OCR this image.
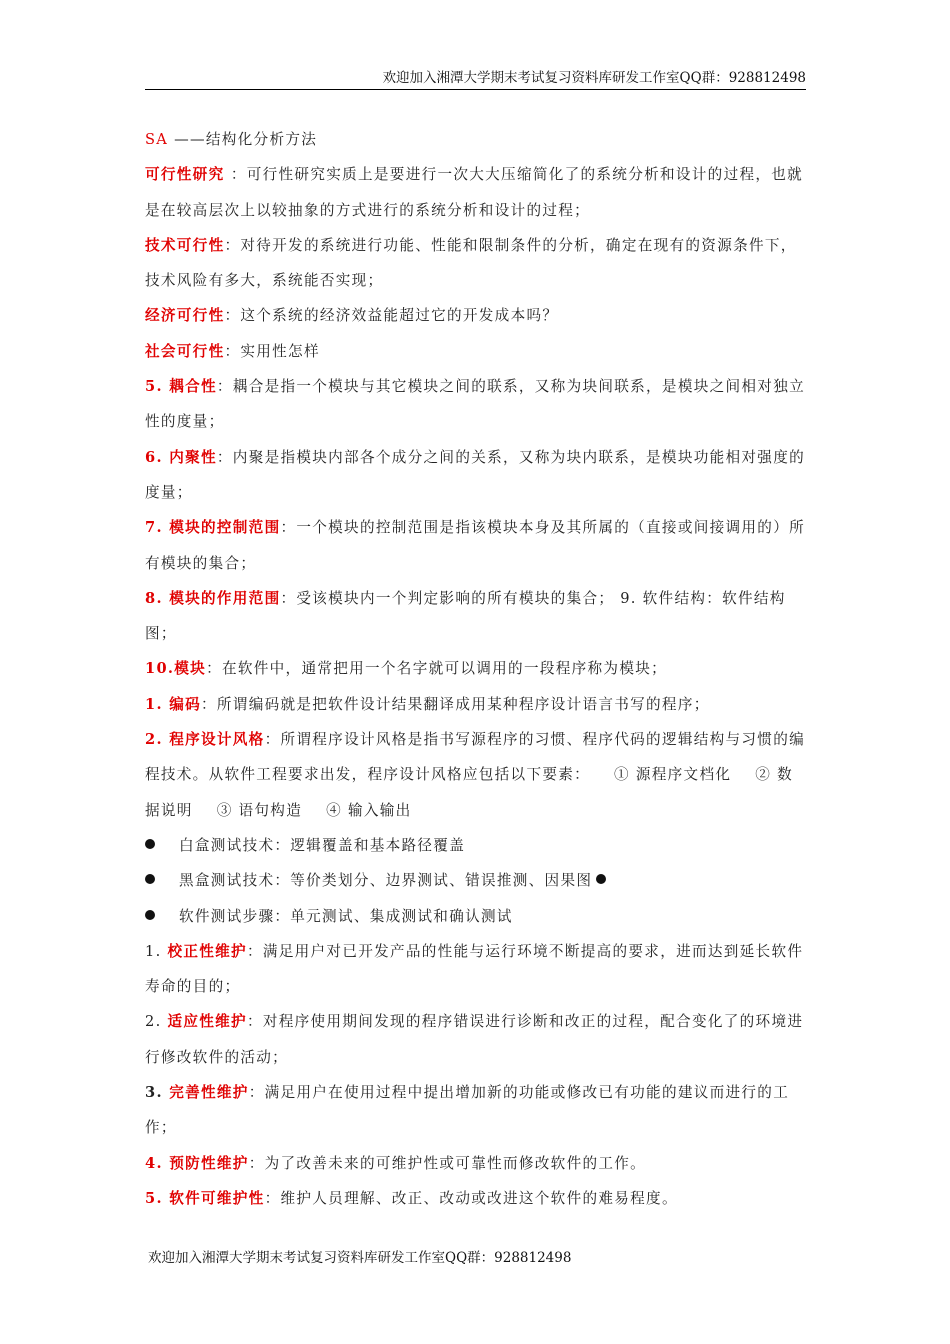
欢迎加入湘潭大学期末考试复习资料库研发工作室QQ群：928812498

SA ——结构化分析方法

可行性研究 ：可行性研究实质上是要进行一次大大压缩简化了的系统分析和设计的过程，也就是在较高层次上以较抽象的方式进行的系统分析和设计的过程；

技术可行性：对待开发的系统进行功能、性能和限制条件的分析，确定在现有的资源条件下，技术风险有多大，系统能否实现；

经济可行性：这个系统的经济效益能超过它的开发成本吗？

社会可行性：实用性怎样

5. 耦合性：耦合是指一个模块与其它模块之间的联系，又称为块间联系，是模块之间相对独立性的度量；

6. 内聚性：内聚是指模块内部各个成分之间的关系，又称为块内联系，是模块功能相对强度的度量；

7. 模块的控制范围：一个模块的控制范围是指该模块本身及其所属的（直接或间接调用的）所有模块的集合；

8. 模块的作用范围：受该模块内一个判定影响的所有模块的集合； 9. 软件结构：软件结构图；

10.模块：在软件中，通常把用一个名字就可以调用的一段程序称为模块；

1. 编码：所谓编码就是把软件设计结果翻译成用某种程序设计语言书写的程序；

2. 程序设计风格：所谓程序设计风格是指书写源程序的习惯、程序代码的逻辑结构与习惯的编程技术。从软件工程要求出发，程序设计风格应包括以下要素： ① 源程序文档化 ② 数据说明 ③ 语句构造 ④ 输入输出

白盒测试技术：逻辑覆盖和基本路径覆盖
黑盒测试技术：等价类划分、边界测试、错误推测、因果图
软件测试步骤：单元测试、集成测试和确认测试

1. 校正性维护：满足用户对已开发产品的性能与运行环境不断提高的要求，进而达到延长软件寿命的目的；

2. 适应性维护：对程序使用期间发现的程序错误进行诊断和改正的过程，配合变化了的环境进行修改软件的活动；

3. 完善性维护：满足用户在使用过程中提出增加新的功能或修改已有功能的建议而进行的工作；

4. 预防性维护：为了改善未来的可维护性或可靠性而修改软件的工作。

5. 软件可维护性：维护人员理解、改正、改动或改进这个软件的难易程度。

欢迎加入湘潭大学期末考试复习资料库研发工作室QQ群：928812498
